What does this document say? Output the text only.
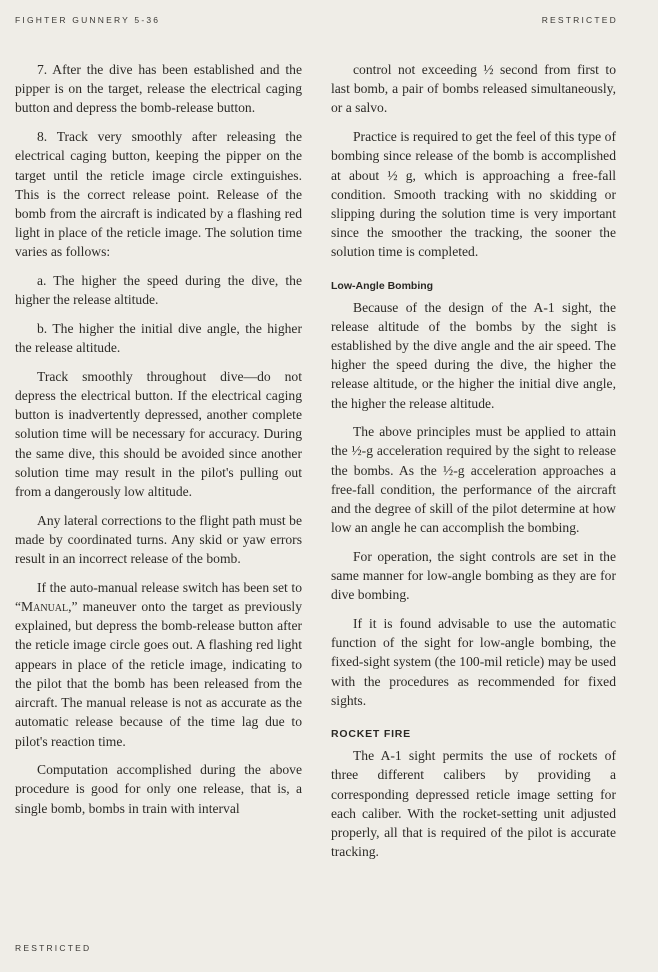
FIGHTER GUNNERY 5-36	RESTRICTED

7. After the dive has been established and the pipper is on the target, release the electrical caging button and depress the bomb-release button.

8. Track very smoothly after releasing the electrical caging button, keeping the pipper on the target until the reticle image circle extinguishes. This is the correct release point. Release of the bomb from the aircraft is indicated by a flashing red light in place of the reticle image. The solution time varies as follows:

a. The higher the speed during the dive, the higher the release altitude.

b. The higher the initial dive angle, the higher the release altitude.

Track smoothly throughout dive—do not depress the electrical button. If the electrical caging button is inadvertently depressed, another complete solution time will be necessary for accuracy. During the same dive, this should be avoided since another solution time may result in the pilot's pulling out from a dangerously low altitude.

Any lateral corrections to the flight path must be made by coordinated turns. Any skid or yaw errors result in an incorrect release of the bomb.

If the auto-manual release switch has been set to “Manual,” maneuver onto the target as previously explained, but depress the bomb-release button after the reticle image circle goes out. A flashing red light appears in place of the reticle image, indicating to the pilot that the bomb has been released from the aircraft. The manual release is not as accurate as the automatic release because of the time lag due to pilot's reaction time.

Computation accomplished during the above procedure is good for only one release, that is, a single bomb, bombs in train with interval

control not exceeding ½ second from first to last bomb, a pair of bombs released simultaneously, or a salvo.

Practice is required to get the feel of this type of bombing since release of the bomb is accomplished at about ½ g, which is approaching a free-fall condition. Smooth tracking with no skidding or slipping during the solution time is very important since the smoother the tracking, the sooner the solution time is completed.

Low-Angle Bombing

Because of the design of the A-1 sight, the release altitude of the bombs by the sight is established by the dive angle and the air speed. The higher the speed during the dive, the higher the release altitude, or the higher the initial dive angle, the higher the release altitude.

The above principles must be applied to attain the ½-g acceleration required by the sight to release the bombs. As the ½-g acceleration approaches a free-fall condition, the performance of the aircraft and the degree of skill of the pilot determine at how low an angle he can accomplish the bombing.

For operation, the sight controls are set in the same manner for low-angle bombing as they are for dive bombing.

If it is found advisable to use the automatic function of the sight for low-angle bombing, the fixed-sight system (the 100-mil reticle) may be used with the procedures as recommended for fixed sights.

ROCKET FIRE

The A-1 sight permits the use of rockets of three different calibers by providing a corresponding depressed reticle image setting for each caliber. With the rocket-setting unit adjusted properly, all that is required of the pilot is accurate tracking.

RESTRICTED
